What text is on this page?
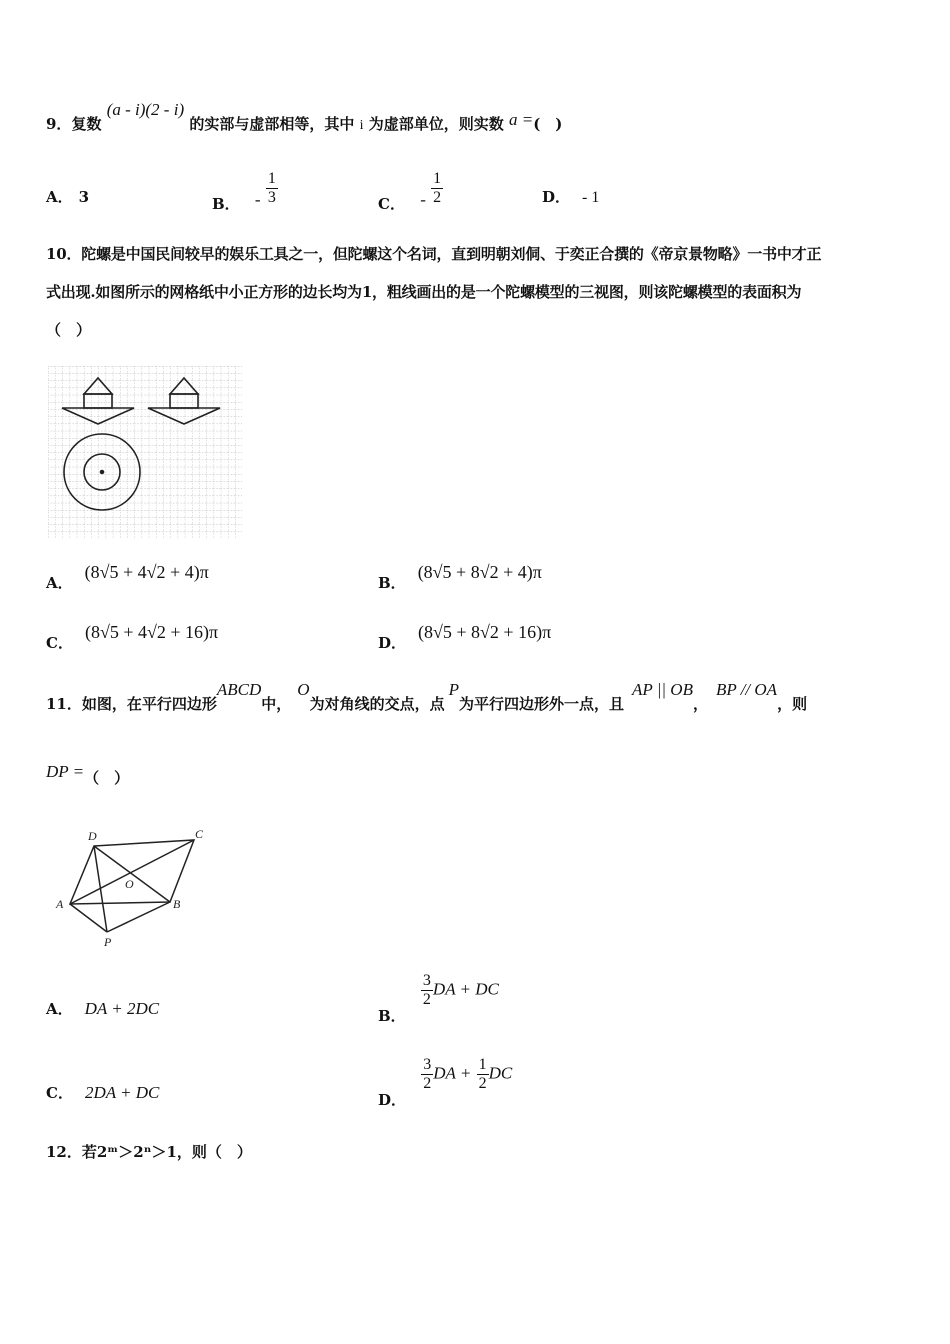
9．复数 (a - i)(2 - i) 的实部与虚部相等，其中 i 为虚部单位，则实数 a =(　)
A． 3	B． - $\frac{1}{3}$	C． - $\frac{1}{2}$	D． - 1
10．陀螺是中国民间较早的娱乐工具之一，但陀螺这个名词，直到明朝刘侗、于奕正合撰的《帝京景物略》一书中才正
式出现.如图所示的网格纸中小正方形的边长均为1，粗线画出的是一个陀螺模型的三视图，则该陀螺模型的表面积为
（　）
A．(8√5 + 4√2 + 4)π
B．(8√5 + 8√2 + 4)π
C．(8√5 + 4√2 + 16)π
D．(8√5 + 8√2 + 16)π
11．如图，在平行四边形ABCD中，O为对角线的交点，点P为平行四边形外一点，且AP || OB，BP // OA，则
DP =（　）
D	C
A	B
O
P
A． DA + 2DC	B．
$\frac{3}{2}$ DA + DC
C． 2DA + DC	D．
$\frac{3}{2}$ DA + $\frac{1}{2}$ DC
12．若2ᵐ＞2ⁿ＞1，则（　）
